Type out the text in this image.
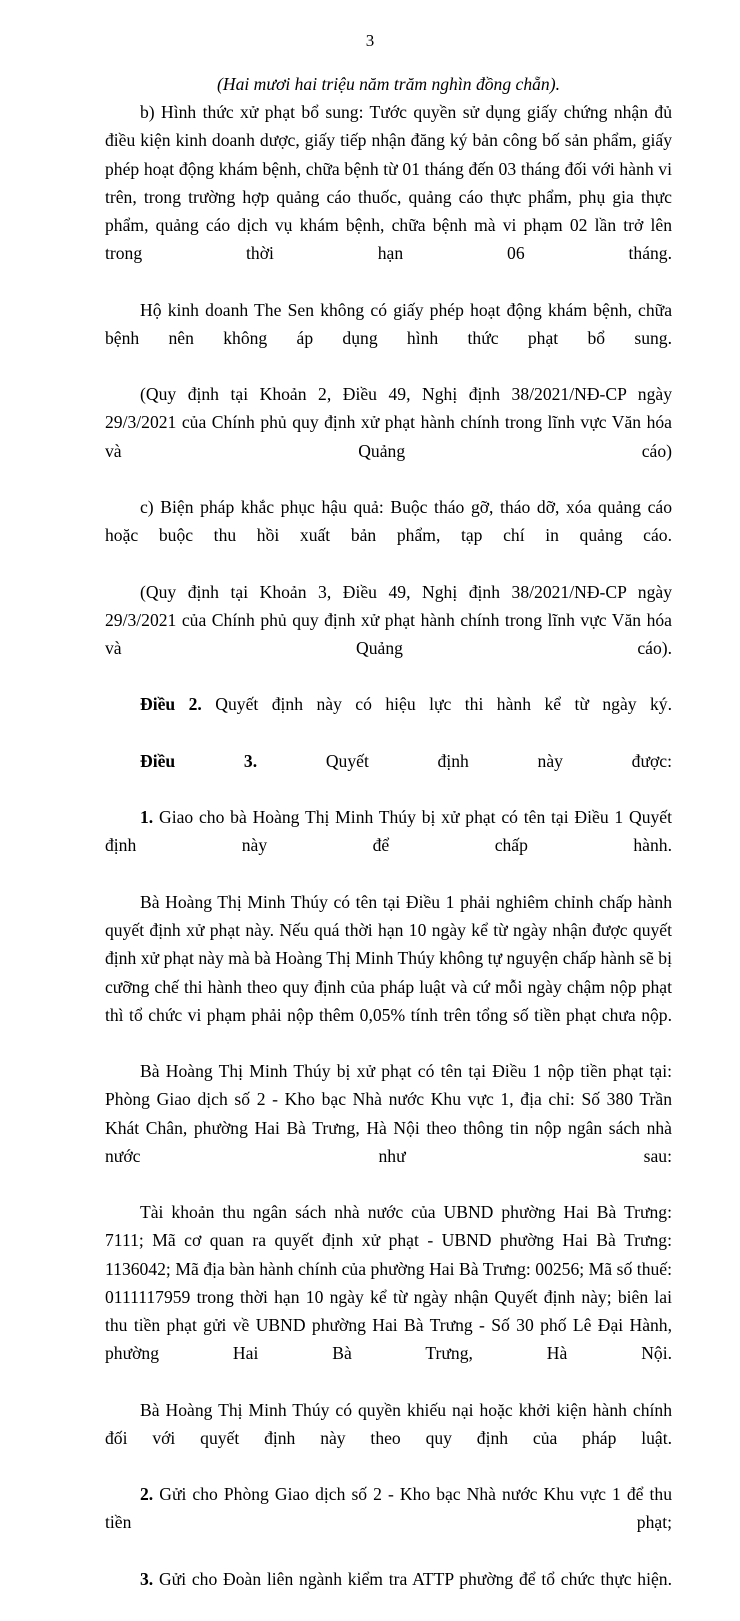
3

(Hai mươi hai triệu năm trăm nghìn đồng chẵn).

b) Hình thức xử phạt bổ sung: Tước quyền sử dụng giấy chứng nhận đủ điều kiện kinh doanh dược, giấy tiếp nhận đăng ký bản công bố sản phẩm, giấy phép hoạt động khám bệnh, chữa bệnh từ 01 tháng đến 03 tháng đối với hành vi trên, trong trường hợp quảng cáo thuốc, quảng cáo thực phẩm, phụ gia thực phẩm, quảng cáo dịch vụ khám bệnh, chữa bệnh mà vi phạm 02 lần trở lên trong thời hạn 06 tháng.

Hộ kinh doanh The Sen không có giấy phép hoạt động khám bệnh, chữa bệnh nên không áp dụng hình thức phạt bổ sung.

(Quy định tại Khoản 2, Điều 49, Nghị định 38/2021/NĐ-CP ngày 29/3/2021 của Chính phủ quy định xử phạt hành chính trong lĩnh vực Văn hóa và Quảng cáo)

c) Biện pháp khắc phục hậu quả: Buộc tháo gỡ, tháo dỡ, xóa quảng cáo hoặc buộc thu hồi xuất bản phẩm, tạp chí in quảng cáo.

(Quy định tại Khoản 3, Điều 49, Nghị định 38/2021/NĐ-CP ngày 29/3/2021 của Chính phủ quy định xử phạt hành chính trong lĩnh vực Văn hóa và Quảng cáo).

Điều 2. Quyết định này có hiệu lực thi hành kể từ ngày ký.

Điều 3. Quyết định này được:

1. Giao cho bà Hoàng Thị Minh Thúy bị xử phạt có tên tại Điều 1 Quyết định này để chấp hành.

Bà Hoàng Thị Minh Thúy có tên tại Điều 1 phải nghiêm chỉnh chấp hành quyết định xử phạt này. Nếu quá thời hạn 10 ngày kể từ ngày nhận được quyết định xử phạt này mà bà Hoàng Thị Minh Thúy không tự nguyện chấp hành sẽ bị cưỡng chế thi hành theo quy định của pháp luật và cứ mỗi ngày chậm nộp phạt thì tổ chức vi phạm phải nộp thêm 0,05% tính trên tổng số tiền phạt chưa nộp.

Bà Hoàng Thị Minh Thúy bị xử phạt có tên tại Điều 1 nộp tiền phạt tại: Phòng Giao dịch số 2 - Kho bạc Nhà nước Khu vực 1, địa chỉ: Số 380 Trần Khát Chân, phường Hai Bà Trưng, Hà Nội theo thông tin nộp ngân sách nhà nước như sau:

Tài khoản thu ngân sách nhà nước của UBND phường Hai Bà Trưng: 7111; Mã cơ quan ra quyết định xử phạt - UBND phường Hai Bà Trưng: 1136042; Mã địa bàn hành chính của phường Hai Bà Trưng: 00256; Mã số thuế: 0111117959 trong thời hạn 10 ngày kể từ ngày nhận Quyết định này; biên lai thu tiền phạt gửi về UBND phường Hai Bà Trưng - Số 30 phố Lê Đại Hành, phường Hai Bà Trưng, Hà Nội.

Bà Hoàng Thị Minh Thúy có quyền khiếu nại hoặc khởi kiện hành chính đối với quyết định này theo quy định của pháp luật.

2. Gửi cho Phòng Giao dịch số 2 - Kho bạc Nhà nước Khu vực 1 để thu tiền phạt;

3. Gửi cho Đoàn liên ngành kiểm tra ATTP phường để tổ chức thực hiện.
